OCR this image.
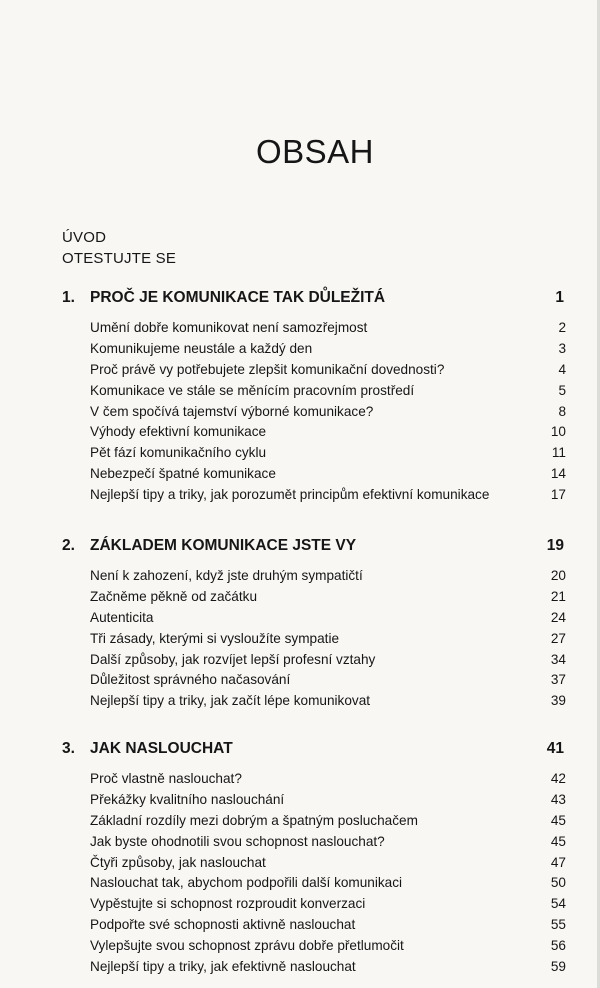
OBSAH
ÚVOD
OTESTUJTE SE
1. PROČ JE KOMUNIKACE TAK DŮLEŽITÁ	1
Umění dobře komunikovat není samozřejmost	2
Komunikujeme neustále a každý den	3
Proč právě vy potřebujete zlepšit komunikační dovednosti?	4
Komunikace ve stále se měnícím pracovním prostředí	5
V čem spočívá tajemství výborné komunikace?	8
Výhody efektivní komunikace	10
Pět fází komunikačního cyklu	11
Nebezpečí špatné komunikace	14
Nejlepší tipy a triky, jak porozumět principům efektivní komunikace	17
2. ZÁKLADEM KOMUNIKACE JSTE VY	19
Není k zahození, když jste druhým sympatičtí	20
Začněme pěkně od začátku	21
Autenticita	24
Tři zásady, kterými si vysloužíte sympatie	27
Další způsoby, jak rozvíjet lepší profesní vztahy	34
Důležitost správného načasování	37
Nejlepší tipy a triky, jak začít lépe komunikovat	39
3. JAK NASLOUCHAT	41
Proč vlastně naslouchat?	42
Překážky kvalitního naslouchání	43
Základní rozdíly mezi dobrým a špatným posluchačem	45
Jak byste ohodnotili svou schopnost naslouchat?	45
Čtyři způsoby, jak naslouchat	47
Naslouchat tak, abychom podpořili další komunikaci	50
Vypěstujte si schopnost rozproudit konverzaci	54
Podpořte své schopnosti aktivně naslouchat	55
Vylepšujte svou schopnost zprávu dobře přetlumočit	56
Nejlepší tipy a triky, jak efektivně naslouchat	59
